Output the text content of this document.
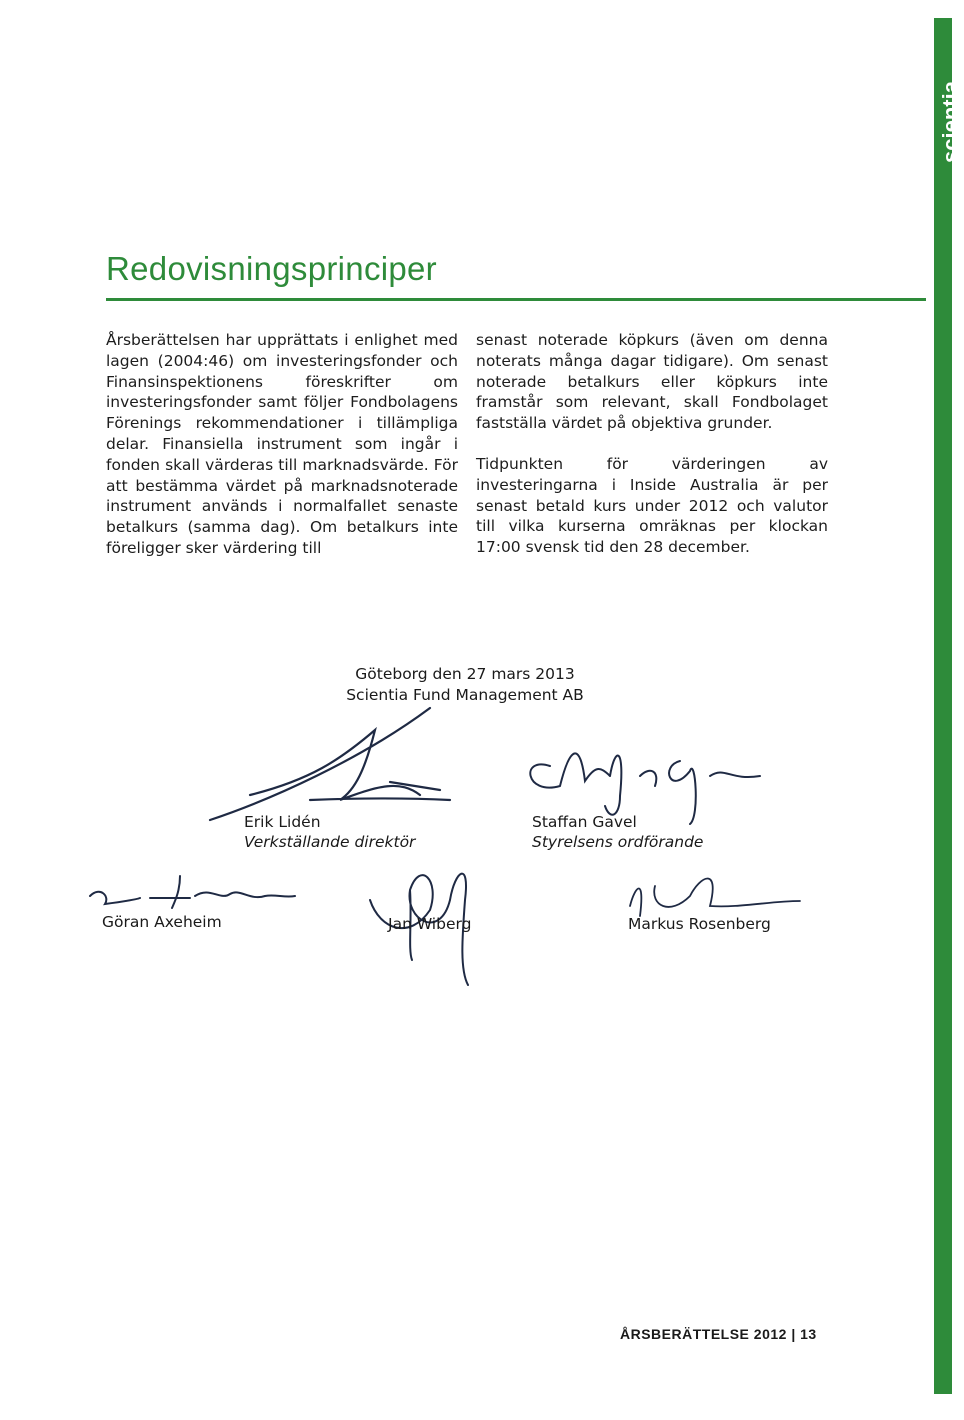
scientia
Redovisningsprinciper

Årsberättelsen har upprättats i enlighet med lagen (2004:46) om investeringsfonder och Finansinspektionens föreskrifter om investeringsfonder samt följer Fondbolagens Förenings rekommendationer i tillämpliga delar. Finansiella instrument som ingår i fonden skall värderas till marknadsvärde. För att bestämma värdet på marknadsnoterade instrument används i normalfallet senaste betalkurs (samma dag). Om betalkurs inte föreligger sker värdering till

senast noterade köpkurs (även om denna noterats många dagar tidigare). Om senast noterade betalkurs eller köpkurs inte framstår som relevant, skall Fondbolaget fastställa värdet på objektiva grunder.

Tidpunkten för värderingen av investeringarna i Inside Australia är per senast betald kurs under 2012 och valutor till vilka kurserna omräknas per klockan 17:00 svensk tid den 28 december.

Göteborg den 27 mars 2013
Scientia Fund Management AB
Erik Lidén
Verkställande direktör
Staffan Gavel
Styrelsens ordförande
Göran Axeheim	Jan Wiberg	Markus Rosenberg
ÅRSBERÄTTELSE 2012 | 13
